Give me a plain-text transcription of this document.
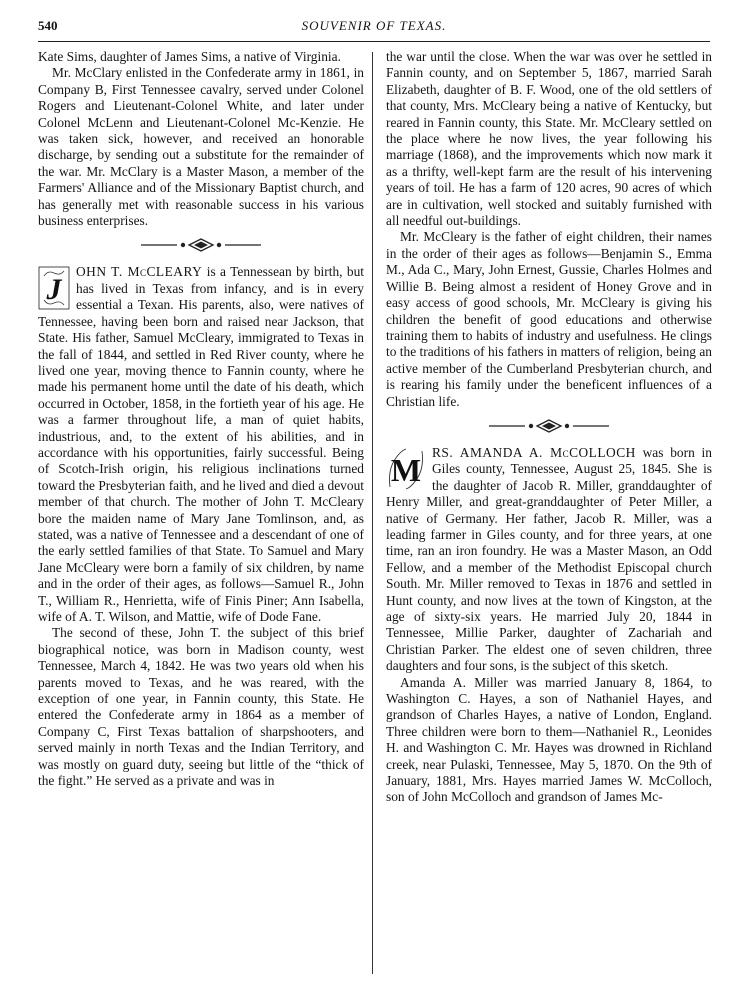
540	SOUVENIR OF TEXAS.

Kate Sims, daughter of James Sims, a native of Virginia.

Mr. McClary enlisted in the Confederate army in 1861, in Company B, First Tennessee cavalry, served under Colonel Rogers and Lieutenant-Colonel White, and later under Colonel McLenn and Lieutenant-Colonel Mc-Kenzie. He was taken sick, however, and received an honorable discharge, by sending out a substitute for the remainder of the war. Mr. McClary is a Master Mason, a member of the Farmers' Alliance and of the Missionary Baptist church, and has generally met with reasonable success in his various business enterprises.

J
OHN T. McCLEARY is a Tennessean by birth, but has lived in Texas from infancy, and is in every essential a Texan. His parents, also, were natives of Tennessee, having been born and raised near Jackson, that State. His father, Samuel McCleary, immigrated to Texas in the fall of 1844, and settled in Red River county, where he lived one year, moving thence to Fannin county, where he made his permanent home until the date of his death, which occurred in October, 1858, in the fortieth year of his age. He was a farmer throughout life, a man of quiet habits, industrious, and, to the extent of his abilities, and in accordance with his opportunities, fairly successful. Being of Scotch-Irish origin, his religious inclinations turned toward the Presbyterian faith, and he lived and died a devout member of that church. The mother of John T. McCleary bore the maiden name of Mary Jane Tomlinson, and, as stated, was a native of Tennessee and a descendant of one of the early settled families of that State. To Samuel and Mary Jane McCleary were born a family of six children, by name and in the order of their ages, as follows—Samuel R., John T., William R., Henrietta, wife of Finis Piner; Ann Isabella, wife of A. T. Wilson, and Mattie, wife of Dode Fane.

The second of these, John T. the subject of this brief biographical notice, was born in Madison county, west Tennessee, March 4, 1842. He was two years old when his parents moved to Texas, and he was reared, with the exception of one year, in Fannin county, this State. He entered the Confederate army in 1864 as a member of Company C, First Texas battalion of sharpshooters, and served mainly in north Texas and the Indian Territory, and was mostly on guard duty, seeing but little of the “thick of the fight.” He served as a private and was in

the war until the close. When the war was over he settled in Fannin county, and on September 5, 1867, married Sarah Elizabeth, daughter of B. F. Wood, one of the old settlers of that county, Mrs. McCleary being a native of Kentucky, but reared in Fannin county, this State. Mr. McCleary settled on the place where he now lives, the year following his marriage (1868), and the improvements which now mark it as a thrifty, well-kept farm are the result of his intervening years of toil. He has a farm of 120 acres, 90 acres of which are in cultivation, well stocked and suitably furnished with all needful out-buildings.

Mr. McCleary is the father of eight children, their names in the order of their ages as follows—Benjamin S., Emma M., Ada C., Mary, John Ernest, Gussie, Charles Holmes and Willie B. Being almost a resident of Honey Grove and in easy access of good schools, Mr. McCleary is giving his children the benefit of good educations and otherwise training them to habits of industry and usefulness. He clings to the traditions of his fathers in matters of religion, being an active member of the Cumberland Presbyterian church, and is rearing his family under the beneficent influences of a Christian life.

M RS. AMANDA A. McCOLLOCH was born in Giles county, Tennessee, August 25, 1845. She is the daughter of Jacob R. Miller, granddaughter of Henry Miller, and great-granddaughter of Peter Miller, a native of Germany. Her father, Jacob R. Miller, was a leading farmer in Giles county, and for three years, at one time, ran an iron foundry. He was a Master Mason, an Odd Fellow, and a member of the Methodist Episcopal church South. Mr. Miller removed to Texas in 1876 and settled in Hunt county, and now lives at the town of Kingston, at the age of sixty-six years. He married July 20, 1844 in Tennessee, Millie Parker, daughter of Zachariah and Christian Parker. The eldest one of seven children, three daughters and four sons, is the subject of this sketch.

Amanda A. Miller was married January 8, 1864, to Washington C. Hayes, a son of Nathaniel Hayes, and grandson of Charles Hayes, a native of London, England. Three children were born to them—Nathaniel R., Leonides H. and Washington C. Mr. Hayes was drowned in Richland creek, near Pulaski, Tennessee, May 5, 1870. On the 9th of January, 1881, Mrs. Hayes married James W. McColloch, son of John McColloch and grandson of James Mc-
